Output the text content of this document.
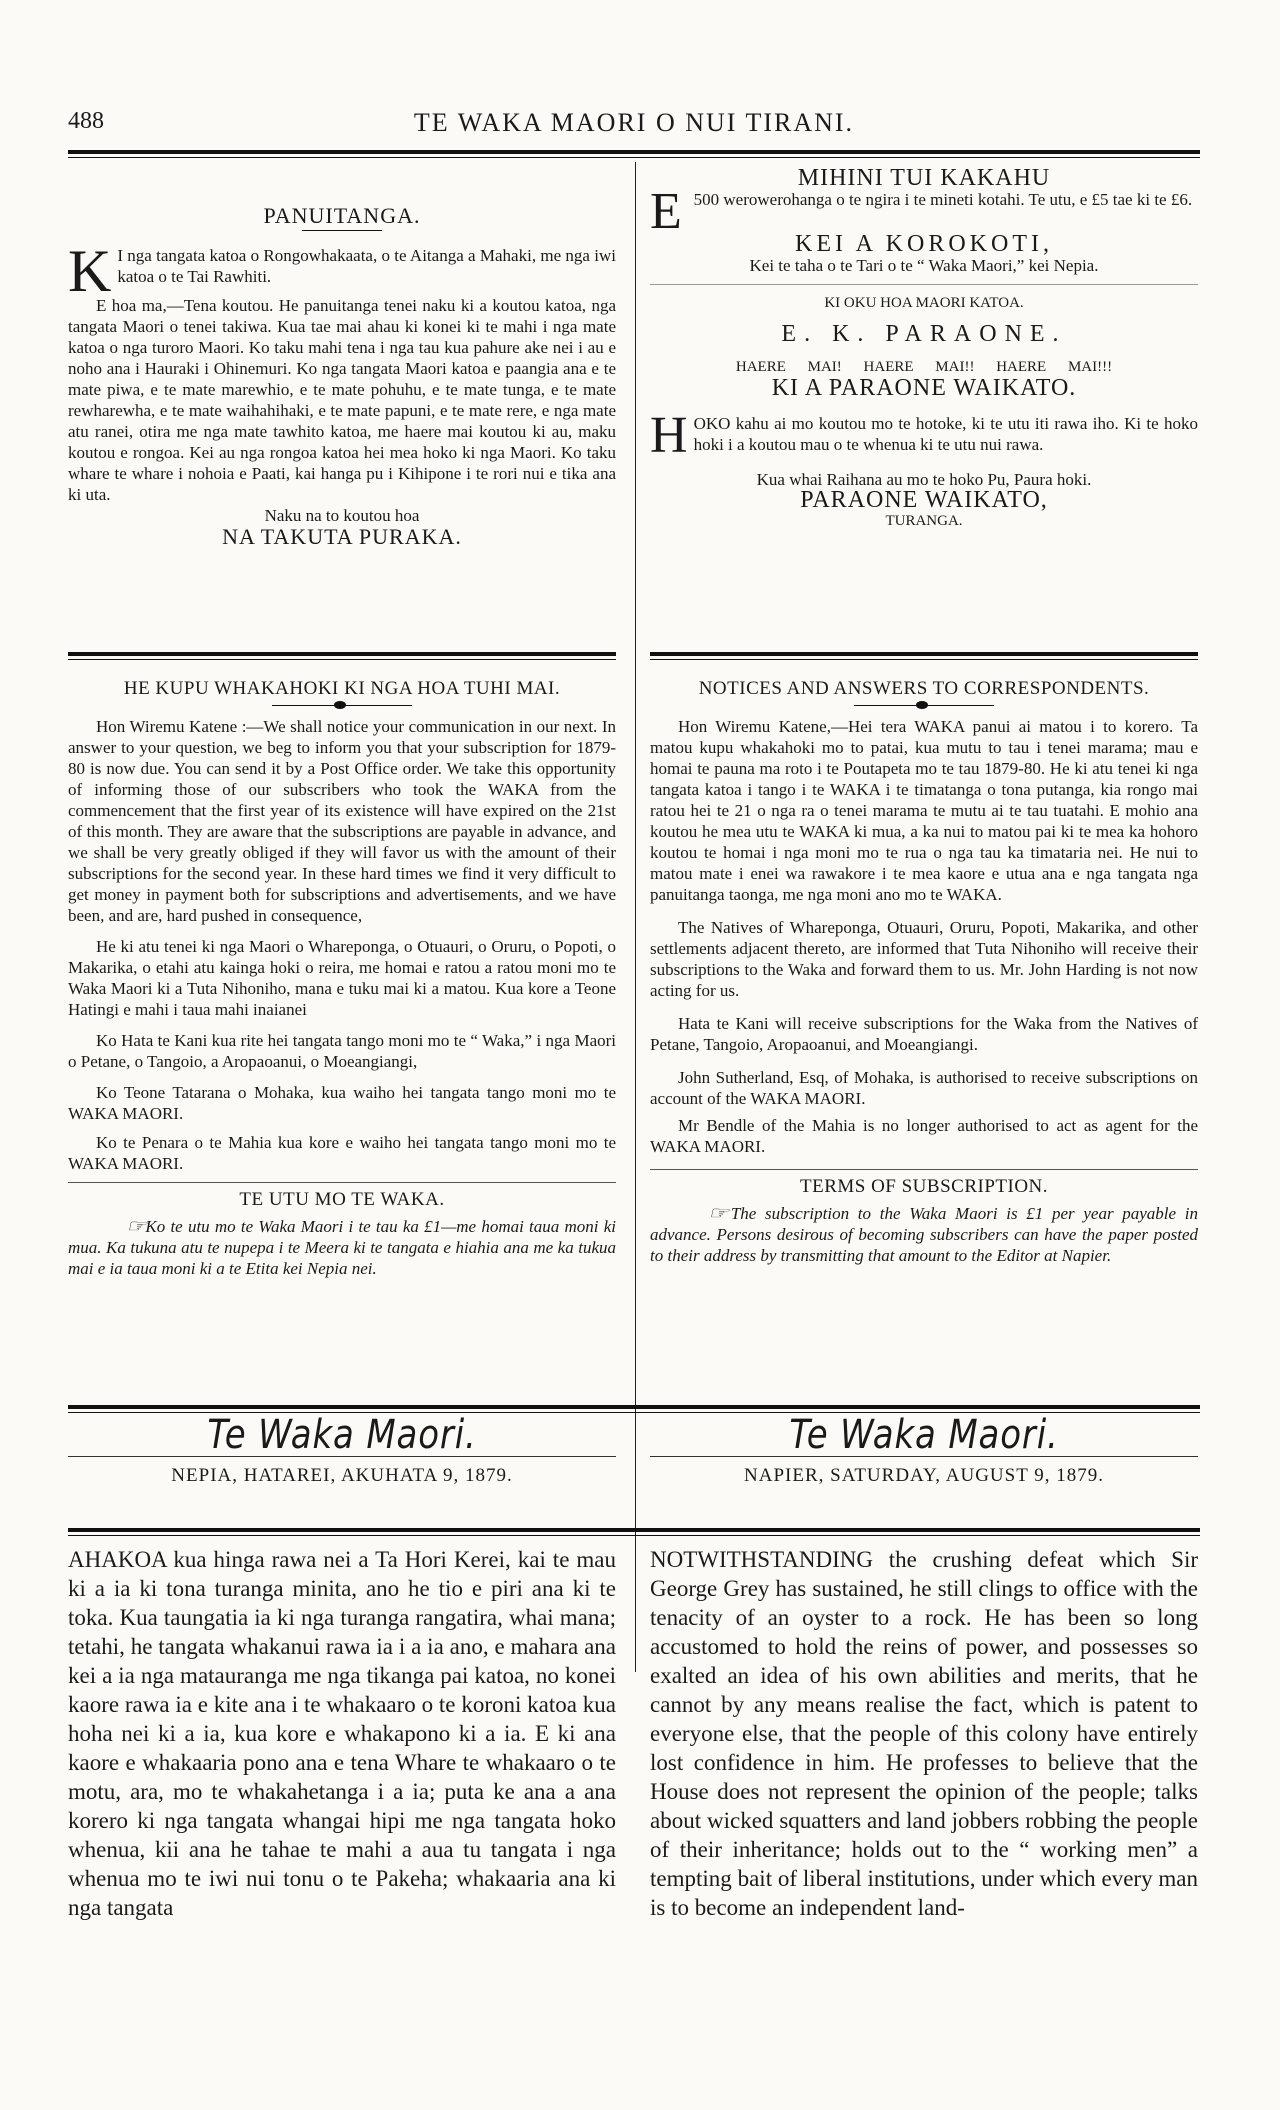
488	TE WAKA MAORI O NUI TIRANI.
PANUITANGA.
K I nga tangata katoa o Rongowhakaata, o te Aitanga a Mahaki, me nga iwi katoa o te Tai Rawhiti.

E hoa ma,—Tena koutou. He panuitanga tenei naku ki a koutou katoa, nga tangata Maori o tenei takiwa. Kua tae mai ahau ki konei ki te mahi i nga mate katoa o nga turoro Maori. Ko taku mahi tena i nga tau kua pahure ake nei i au e noho ana i Hauraki i Ohinemuri. Ko nga tangata Maori katoa e paangia ana e te mate piwa, e te mate marewhio, e te mate pohuhu, e te mate tunga, e te mate rewharewha, e te mate waihahihaki, e te mate papuni, e te mate rere, e nga mate atu ranei, otira me nga mate tawhito katoa, me haere mai koutou ki au, maku koutou e rongoa. Kei au nga rongoa katoa hei mea hoko ki nga Maori. Ko taku whare te whare i nohoia e Paati, kai hanga pu i Kihipone i te rori nui e tika ana ki uta.

Naku na to koutou hoa

NA TAKUTA PURAKA.

MIHINI TUI KAKAHU
E 500 werowerohanga o te ngira i te mineti kotahi. Te utu, e £5 tae ki te £6.
KEI A KOROKOTI,
Kei te taha o te Tari o te “ Waka Maori,” kei Nepia.
KI OKU HOA MAORI KATOA.
E. K. PARAONE.
HAERE MAI! HAERE MAI!! HAERE MAI!!!
KI A PARAONE WAIKATO.
H OKO kahu ai mo koutou mo te hotoke, ki te utu iti rawa iho. Ki te hoko hoki i a koutou mau o te whenua ki te utu nui rawa.

Kua whai Raihana au mo te hoko Pu, Paura hoki.

PARAONE WAIKATO,
TURANGA.
HE KUPU WHAKAHOKI KI NGA HOA TUHI MAI.

Hon Wiremu Katene :—We shall notice your communication in our next. In answer to your question, we beg to inform you that your subscription for 1879-80 is now due. You can send it by a Post Office order. We take this opportunity of informing those of our subscribers who took the WAKA from the commencement that the first year of its existence will have expired on the 21st of this month. They are aware that the subscriptions are payable in advance, and we shall be very greatly obliged if they will favor us with the amount of their subscriptions for the second year. In these hard times we find it very difficult to get money in payment both for subscriptions and advertisements, and we have been, and are, hard pushed in consequence,

He ki atu tenei ki nga Maori o Whareponga, o Otuauri, o Oruru, o Popoti, o Makarika, o etahi atu kainga hoki o reira, me homai e ratou a ratou moni mo te Waka Maori ki a Tuta Nihoniho, mana e tuku mai ki a matou. Kua kore a Teone Hatingi e mahi i taua mahi inaianei

Ko Hata te Kani kua rite hei tangata tango moni mo te “ Waka,” i nga Maori o Petane, o Tangoio, a Aropaoanui, o Moeangiangi,

Ko Teone Tatarana o Mohaka, kua waiho hei tangata tango moni mo te WAKA MAORI.

Ko te Penara o te Mahia kua kore e waiho hei tangata tango moni mo te WAKA MAORI.

TE UTU MO TE WAKA.

☞ Ko te utu mo te Waka Maori i te tau ka £1—me homai taua moni ki mua. Ka tukuna atu te nupepa i te Meera ki te tangata e hiahia ana me ka tukua mai e ia taua moni ki a te Etita kei Nepia nei.

NOTICES AND ANSWERS TO CORRESPONDENTS.

Hon Wiremu Katene,—Hei tera WAKA panui ai matou i to korero. Ta matou kupu whakahoki mo to patai, kua mutu to tau i tenei marama; mau e homai te pauna ma roto i te Poutapeta mo te tau 1879-80. He ki atu tenei ki nga tangata katoa i tango i te WAKA i te timatanga o tona putanga, kia rongo mai ratou hei te 21 o nga ra o tenei marama te mutu ai te tau tuatahi. E mohio ana koutou he mea utu te WAKA ki mua, a ka nui to matou pai ki te mea ka hohoro koutou te homai i nga moni mo te rua o nga tau ka timataria nei. He nui to matou mate i enei wa rawakore i te mea kaore e utua ana e nga tangata nga panuitanga taonga, me nga moni ano mo te WAKA.

The Natives of Whareponga, Otuauri, Oruru, Popoti, Makarika, and other settlements adjacent thereto, are informed that Tuta Nihoniho will receive their subscriptions to the Waka and forward them to us. Mr. John Harding is not now acting for us.

Hata te Kani will receive subscriptions for the Waka from the Natives of Petane, Tangoio, Aropaoanui, and Moeangiangi.

John Sutherland, Esq, of Mohaka, is authorised to receive subscriptions on account of the WAKA MAORI.

Mr Bendle of the Mahia is no longer authorised to act as agent for the WAKA MAORI.

TERMS OF SUBSCRIPTION.

☞ The subscription to the Waka Maori is £1 per year payable in advance. Persons desirous of becoming subscribers can have the paper posted to their address by transmitting that amount to the Editor at Napier.

Te Waka Maori.
NEPIA, HATAREI, AKUHATA 9, 1879.
Te Waka Maori.
NAPIER, SATURDAY, AUGUST 9, 1879.
AHAKOA kua hinga rawa nei a Ta Hori Kerei, kai te mau ki a ia ki tona turanga minita, ano he tio e piri ana ki te toka. Kua taungatia ia ki nga turanga rangatira, whai mana; tetahi, he tangata whakanui rawa ia i a ia ano, e mahara ana kei a ia nga matauranga me nga tikanga pai katoa, no konei kaore rawa ia e kite ana i te whakaaro o te koroni katoa kua hoha nei ki a ia, kua kore e whakapono ki a ia. E ki ana kaore e whakaaria pono ana e tena Whare te whakaaro o te motu, ara, mo te whakahetanga i a ia; puta ke ana a ana korero ki nga tangata whangai hipi me nga tangata hoko whenua, kii ana he tahae te mahi a aua tu tangata i nga whenua mo te iwi nui tonu o te Pakeha; whakaaria ana ki nga tangata
NOTWITHSTANDING the crushing defeat which Sir George Grey has sustained, he still clings to office with the tenacity of an oyster to a rock. He has been so long accustomed to hold the reins of power, and possesses so exalted an idea of his own abilities and merits, that he cannot by any means realise the fact, which is patent to everyone else, that the people of this colony have entirely lost confidence in him. He professes to believe that the House does not represent the opinion of the people; talks about wicked squatters and land jobbers robbing the people of their inheritance; holds out to the “ working men” a tempting bait of liberal institutions, under which every man is to become an independent land-
